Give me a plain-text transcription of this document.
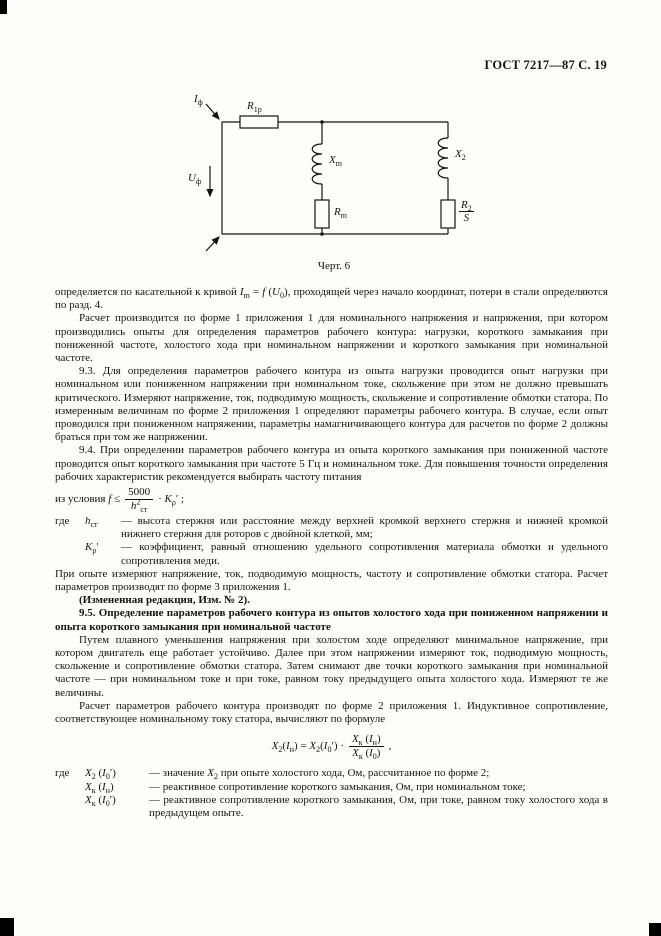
ГОСТ 7217—87 С. 19
$I_ф$	$R_{1р}$
$X_m$
$R_m$
$X_2$
$U_ф$
$\frac{R_2}{S}$
Черт. 6

определяется по касательной к кривой $I_m = f$ $(U_0)$, проходящей через начало координат, потери в стали определяются по разд. 4.

Расчет производится по форме 1 приложения 1 для номинального напряжения и напряжения, при котором производились опыты для определения параметров рабочего контура: нагрузки, короткого замыкания при пониженной частоте, холостого хода при номинальном напряжении и короткого замыкания при номинальной частоте.

9.3. Для определения параметров рабочего контура из опыта нагрузки проводится опыт нагрузки при номинальном или пониженном напряжении при номинальном токе, скольжение при этом не должно превышать критического. Измеряют напряжение, ток, подводимую мощность, скольжение и сопротивление обмотки статора. По измеренным величинам по форме 2 приложения 1 определяют параметры рабочего контура. В случае, если опыт проводился при пониженном напряжении, параметры намагничивающего контура для расчетов по форме 2 должны браться при том же напряжении.

9.4. При определении параметров рабочего контура из опыта короткого замыкания при пониженной частоте проводится опыт короткого замыкания при частоте 5 Гц и номинальном токе. Для повышения точности определения рабочих характеристик рекомендуется выбирать частоту питания

из условия $f \le \frac{5000}{h^2_{ст}} \cdot K_\rho'$ ;
где	$h_{ст}$	— высота стержня или расстояние между верхней кромкой верхнего стержня и нижней кромкой нижнего стержня для роторов с двойной клеткой, мм;
$K_\rho'$	— коэффициент, равный отношению удельного сопротивления материала обмотки и удельного сопротивления меди.

При опыте измеряют напряжение, ток, подводимую мощность, частоту и сопротивление обмотки статора. Расчет параметров производят по форме 3 приложения 1.

(Измененная редакция, Изм. № 2).

9.5. Определение параметров рабочего контура из опытов холостого хода при пониженном напряжении и опыта короткого замыкания при номинальной частоте

Путем плавного уменьшения напряжения при холостом ходе определяют минимальное напряжение, при котором двигатель еще работает устойчиво. Далее при этом напряжении измеряют ток, подводимую мощность, скольжение и сопротивление обмотки статора. Затем снимают две точки короткого замыкания при номинальной частоте — при номинальном токе и при токе, равном току предыдущего опыта холостого хода. Измеряют те же величины.

Расчет параметров рабочего контура производят по форме 2 приложения 1. Индуктивное сопротивление, соответствующее номинальному току статора, вычисляют по формуле

$X_2(I_н) = X_2(I_0') \cdot \frac{X_к (I_н)}{X_к (I_0)}$ ,
где	$X_2$ $(I_0')$	— значение $X_2$ при опыте холостого хода, Ом, рассчитанное по форме 2;
$X_к$ $(I_н)$	— реактивное сопротивление короткого замыкания, Ом, при номинальном токе;
$X_к$ $(I_0')$	— реактивное сопротивление короткого замыкания, Ом, при токе, равном току холостого хода в предыдущем опыте.
